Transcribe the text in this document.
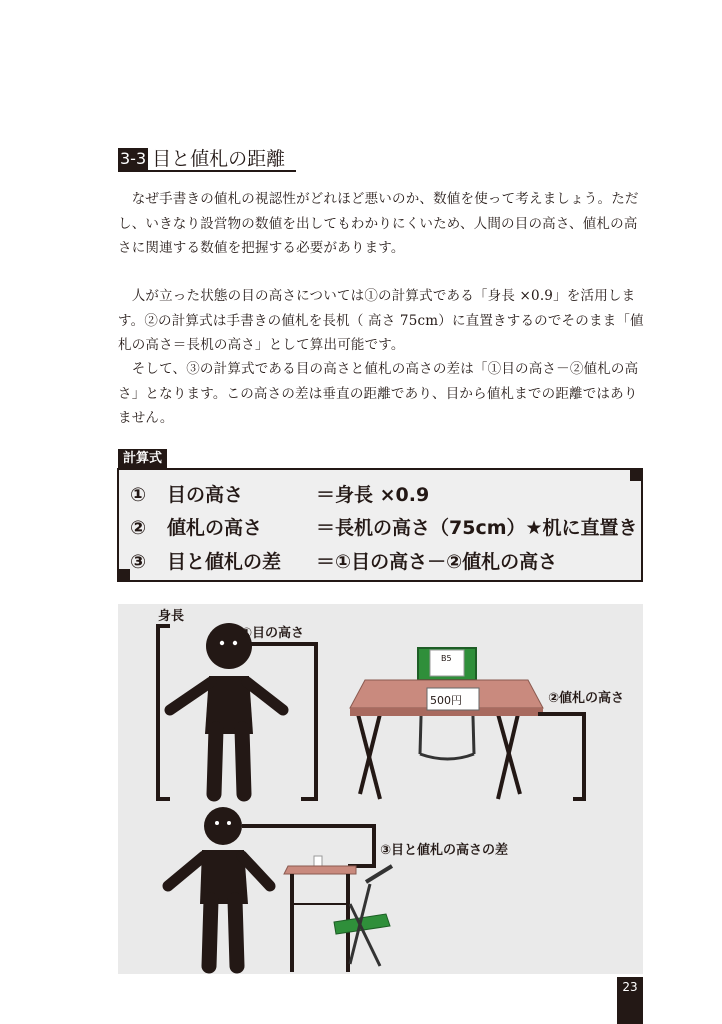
3-3 目と値札の距離

　なぜ手書きの値札の視認性がどれほど悪いのか、数値を使って考えましょう。ただし、いきなり設営物の数値を出してもわかりにくいため、人間の目の高さ、値札の高さに関連する数値を把握する必要があります。

　人が立った状態の目の高さについては①の計算式である「身長 ×0.9」を活用します。②の計算式は手書きの値札を長机（ 高さ 75cm）に直置きするのでそのまま「値札の高さ＝長机の高さ」として算出可能です。

　そして、③の計算式である目の高さと値札の高さの差は「①目の高さ－②値札の高さ」となります。この高さの差は垂直の距離であり、目から値札までの距離ではありません。

計算式
① 目の高さ	＝身長 ×0.9
② 値札の高さ	＝長机の高さ（75cm）★机に直置き
③ 目と値札の差 ＝①目の高さ－②値札の高さ
身長
①目の高さ
B5
500円	②値札の高さ
③目と値札の高さの差
23
